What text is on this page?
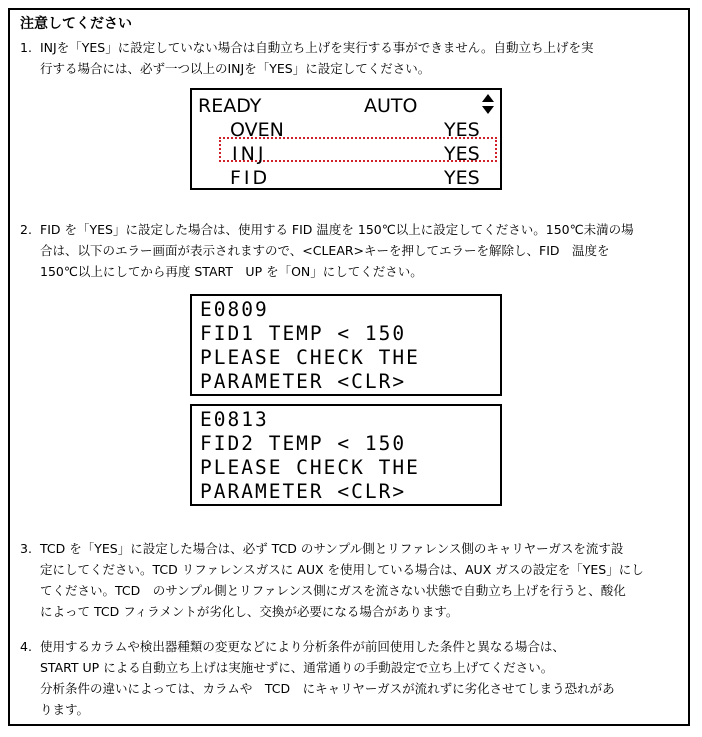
注意してください
1. INJを「YES」に設定していない場合は自動立ち上げを実行する事ができません。自動立ち上げを実
行する場合には、必ず一つ以上のINJを「YES」に設定してください。
READY	AUTO
OVEN	YES
INJ	YES
FID	YES
2. FID を「YES」に設定した場合は、使用する FID 温度を 150℃以上に設定してください。150℃未満の場
合は、以下のエラー画面が表示されますので、<CLEAR>キーを押してエラーを解除し、FID　温度を
150℃以上にしてから再度 START　UP を「ON」にしてください。
E0809
FID1 TEMP < 150
PLEASE CHECK THE
PARAMETER <CLR>
E0813
FID2 TEMP < 150
PLEASE CHECK THE
PARAMETER <CLR>
3. TCD を「YES」に設定した場合は、必ず TCD のサンプル側とリファレンス側のキャリヤーガスを流す設
定にしてください。TCD リファレンスガスに AUX を使用している場合は、AUX ガスの設定を「YES」にし
てください。TCD　のサンプル側とリファレンス側にガスを流さない状態で自動立ち上げを行うと、酸化
によって TCD フィラメントが劣化し、交換が必要になる場合があります。
4. 使用するカラムや検出器種類の変更などにより分析条件が前回使用した条件と異なる場合は、
START UP による自動立ち上げは実施せずに、通常通りの手動設定で立ち上げてください。
分析条件の違いによっては、カラムや　TCD　にキャリヤーガスが流れずに劣化させてしまう恐れがあ
ります。
